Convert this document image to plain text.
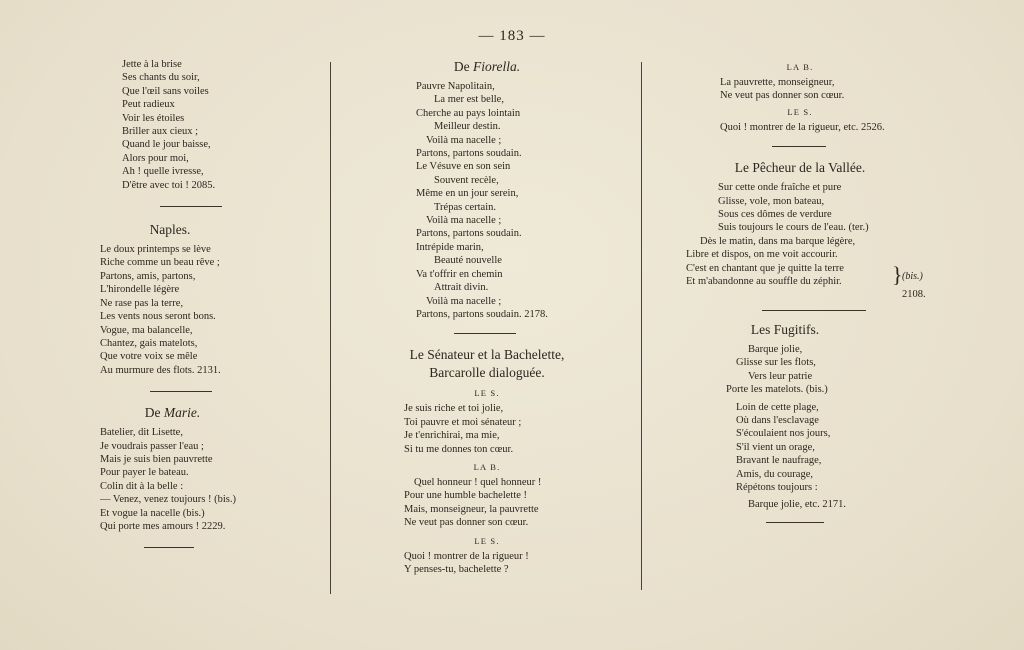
— 183 —
Jette à la brise
Ses chants du soir,
Que l'œil sans voiles
Peut radieux
Voir les étoiles
Briller aux cieux ;
Quand le jour baisse,
Alors pour moi,
Ah ! quelle ivresse,
D'être avec toi ! 2085.
Naples.
Le doux printemps se lève
Riche comme un beau rêve ;
Partons, amis, partons,
L'hirondelle légère
Ne rase pas la terre,
Les vents nous seront bons.
Vogue, ma balancelle,
Chantez, gais matelots,
Que votre voix se mêle
Au murmure des flots. 2131.
De Marie.
Batelier, dit Lisette,
Je voudrais passer l'eau ;
Mais je suis bien pauvrette
Pour payer le bateau.
Colin dit à la belle :
— Venez, venez toujours ! (bis.)
Et vogue la nacelle (bis.)
Qui porte mes amours ! 2229.
De Fiorella.
Pauvre Napolitain,
La mer est belle,
Cherche au pays lointain
Meilleur destin.
Voilà ma nacelle ;
Partons, partons soudain.
Le Vésuve en son sein
Souvent recèle,
Même en un jour serein,
Trépas certain.
Voilà ma nacelle ;
Partons, partons soudain.
Intrépide marin,
Beauté nouvelle
Va t'offrir en chemin
Attrait divin.
Voilà ma nacelle ;
Partons, partons soudain. 2178.
Le Sénateur et la Bachelette,
Barcarolle dialoguée.
LE S.
Je suis riche et toi jolie,
Toi pauvre et moi sénateur ;
Je t'enrichirai, ma mie,
Si tu me donnes ton cœur.
LA B.
Quel honneur ! quel honneur !
Pour une humble bachelette !
Mais, monseigneur, la pauvrette
Ne veut pas donner son cœur.
LE S.
Quoi ! montrer de la rigueur !
Y penses-tu, bachelette ?
LA B.
La pauvrette, monseigneur,
Ne veut pas donner son cœur.
LE S.
Quoi ! montrer de la rigueur, etc. 2526.
Le Pêcheur de la Vallée.
Sur cette onde fraîche et pure
Glisse, vole, mon bateau,
Sous ces dômes de verdure
Suis toujours le cours de l'eau. (ter.)
Dès le matin, dans ma barque légère,
Libre et dispos, on me voit accourir.
C'est en chantant que je quitte la terre
Et m'abandonne au souffle du zéphir.	} (bis.)
2108.
Les Fugitifs.
Barque jolie,
Glisse sur les flots,
Vers leur patrie
Porte les matelots. (bis.)
Loin de cette plage,
Où dans l'esclavage
S'écoulaient nos jours,
S'il vient un orage,
Bravant le naufrage,
Amis, du courage,
Répétons toujours :
Barque jolie, etc. 2171.
